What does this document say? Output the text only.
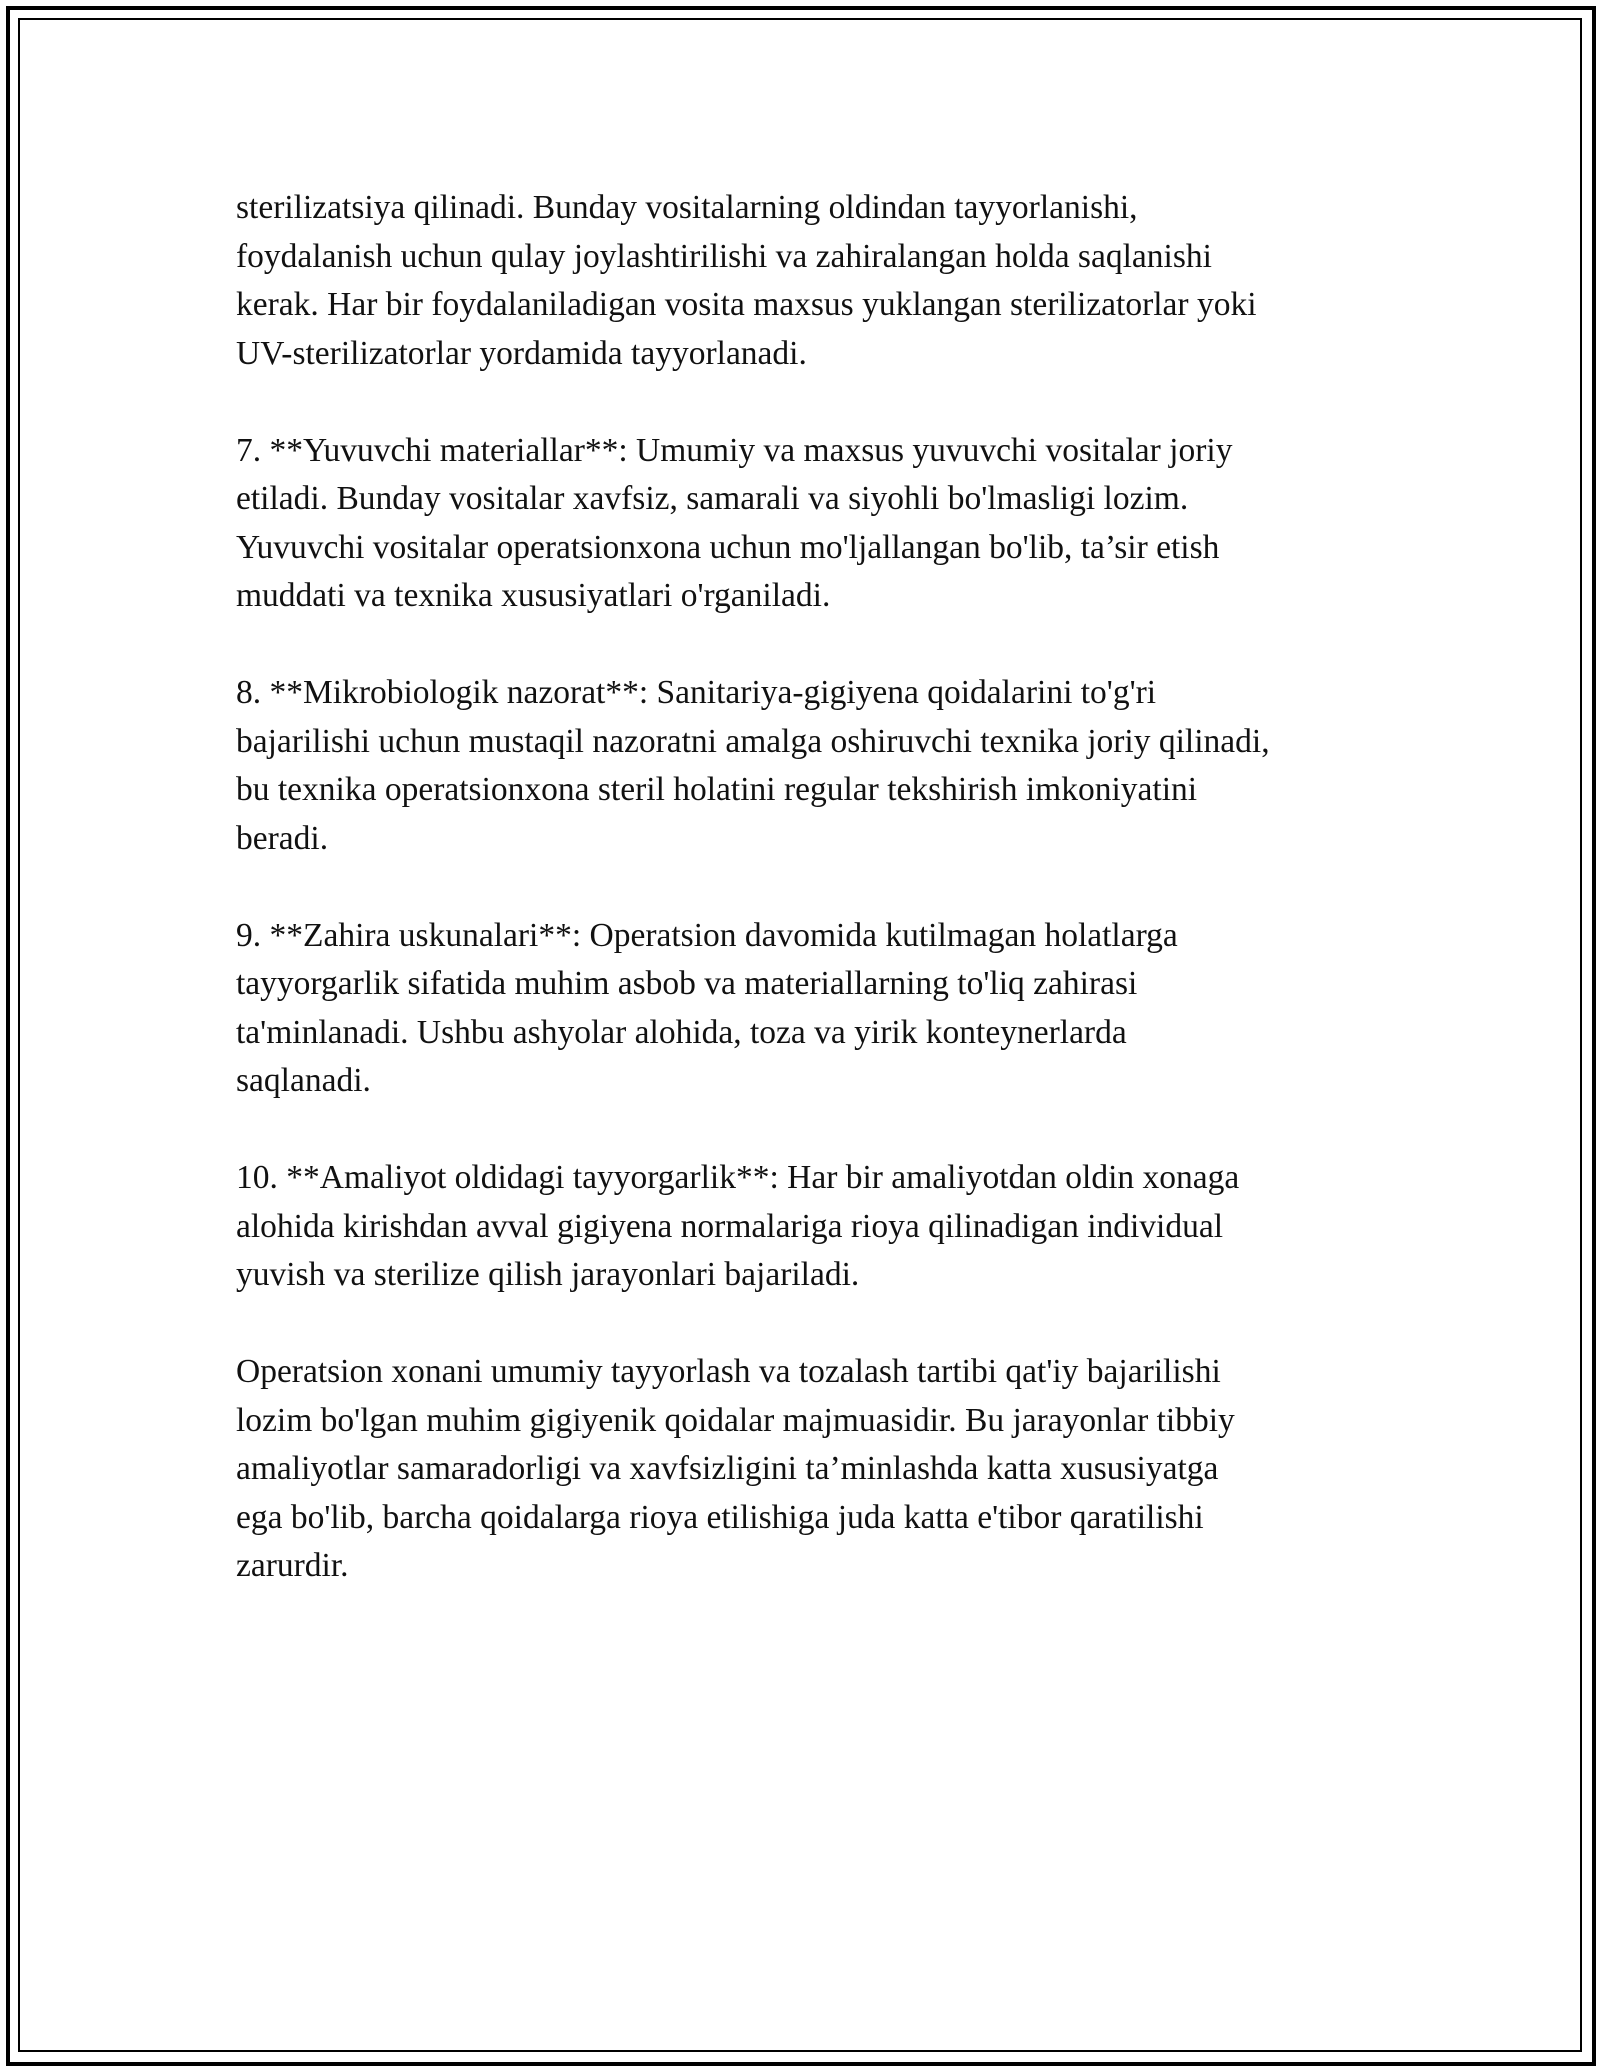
sterilizatsiya qilinadi. Bunday vositalarning oldindan tayyorlanishi,
foydalanish uchun qulay joylashtirilishi va zahiralangan holda saqlanishi
kerak. Har bir foydalaniladigan vosita maxsus yuklangan sterilizatorlar yoki
UV-sterilizatorlar yordamida tayyorlanadi.

7. **Yuvuvchi materiallar**: Umumiy va maxsus yuvuvchi vositalar joriy
etiladi. Bunday vositalar xavfsiz, samarali va siyohli bo'lmasligi lozim.
Yuvuvchi vositalar operatsionxona uchun mo'ljallangan bo'lib, ta’sir etish
muddati va texnika xususiyatlari o'rganiladi.

8. **Mikrobiologik nazorat**: Sanitariya-gigiyena qoidalarini to'g'ri
bajarilishi uchun mustaqil nazoratni amalga oshiruvchi texnika joriy qilinadi,
bu texnika operatsionxona steril holatini regular tekshirish imkoniyatini
beradi.

9. **Zahira uskunalari**: Operatsion davomida kutilmagan holatlarga
tayyorgarlik sifatida muhim asbob va materiallarning to'liq zahirasi
ta'minlanadi. Ushbu ashyolar alohida, toza va yirik konteynerlarda
saqlanadi.

10. **Amaliyot oldidagi tayyorgarlik**: Har bir amaliyotdan oldin xonaga
alohida kirishdan avval gigiyena normalariga rioya qilinadigan individual
yuvish va sterilize qilish jarayonlari bajariladi.

Operatsion xonani umumiy tayyorlash va tozalash tartibi qat'iy bajarilishi
lozim bo'lgan muhim gigiyenik qoidalar majmuasidir. Bu jarayonlar tibbiy
amaliyotlar samaradorligi va xavfsizligini ta’minlashda katta xususiyatga
ega bo'lib, barcha qoidalarga rioya etilishiga juda katta e'tibor qaratilishi
zarurdir.
